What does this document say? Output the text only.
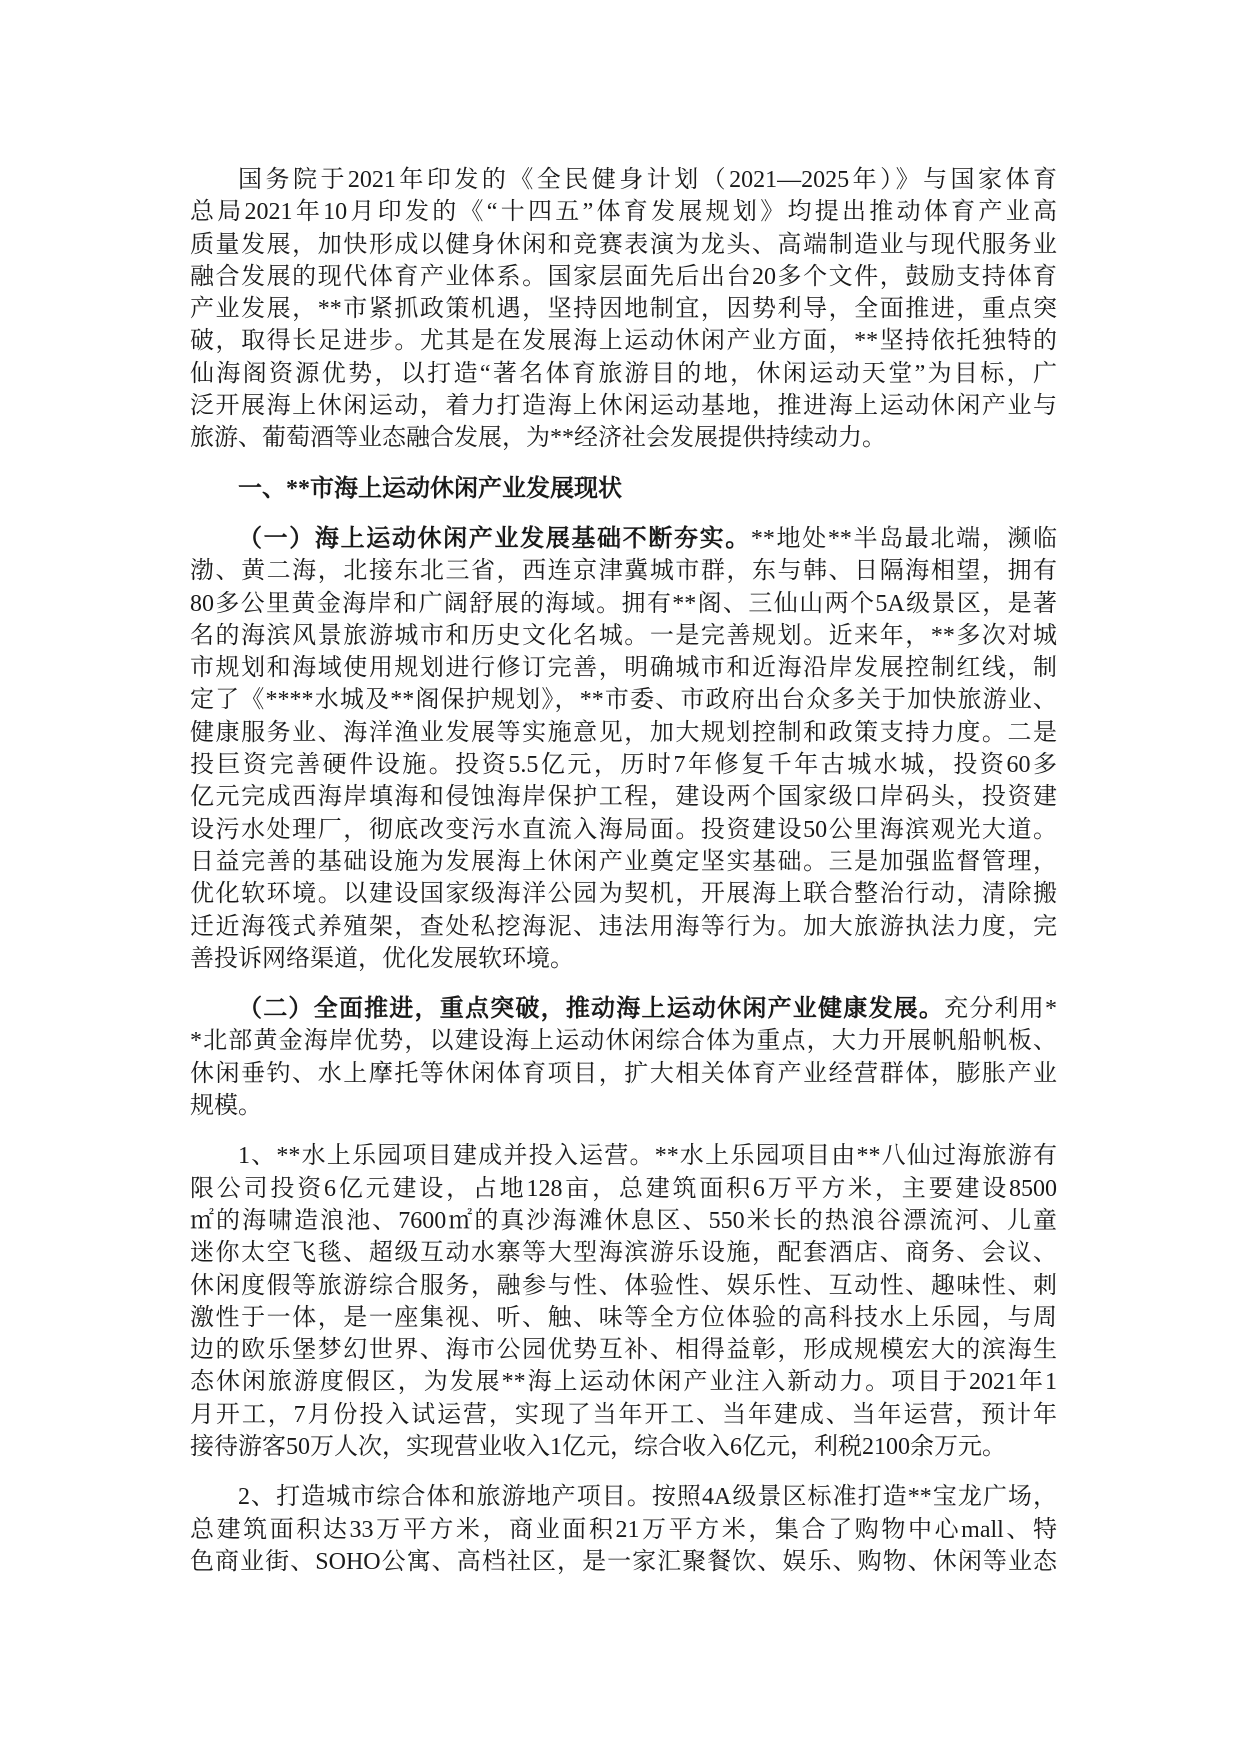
国务院于2021年印发的《全民健身计划（2021—2025年）》与国家体育
总局2021年10月印发的《“十四五”体育发展规划》均提出推动体育产业高
质量发展，加快形成以健身休闲和竞赛表演为龙头、高端制造业与现代服务业
融合发展的现代体育产业体系。国家层面先后出台20多个文件，鼓励支持体育
产业发展，**市紧抓政策机遇，坚持因地制宜，因势利导，全面推进，重点突
破，取得长足进步。尤其是在发展海上运动休闲产业方面，**坚持依托独特的
仙海阁资源优势，以打造“著名体育旅游目的地，休闲运动天堂”为目标，广
泛开展海上休闲运动，着力打造海上休闲运动基地，推进海上运动休闲产业与
旅游、葡萄酒等业态融合发展，为**经济社会发展提供持续动力。
一、**市海上运动休闲产业发展现状
（一）海上运动休闲产业发展基础不断夯实。**地处**半岛最北端，濒临
渤、黄二海，北接东北三省，西连京津冀城市群，东与韩、日隔海相望，拥有
80多公里黄金海岸和广阔舒展的海域。拥有**阁、三仙山两个5A级景区，是著
名的海滨风景旅游城市和历史文化名城。一是完善规划。近来年，**多次对城
市规划和海域使用规划进行修订完善，明确城市和近海沿岸发展控制红线，制
定了《****水城及**阁保护规划》，**市委、市政府出台众多关于加快旅游业、
健康服务业、海洋渔业发展等实施意见，加大规划控制和政策支持力度。二是
投巨资完善硬件设施。投资5.5亿元，历时7年修复千年古城水城，投资60多
亿元完成西海岸填海和侵蚀海岸保护工程，建设两个国家级口岸码头，投资建
设污水处理厂，彻底改变污水直流入海局面。投资建设50公里海滨观光大道。
日益完善的基础设施为发展海上休闲产业奠定坚实基础。三是加强监督管理，
优化软环境。以建设国家级海洋公园为契机，开展海上联合整治行动，清除搬
迁近海筏式养殖架，查处私挖海泥、违法用海等行为。加大旅游执法力度，完
善投诉网络渠道，优化发展软环境。
（二）全面推进，重点突破，推动海上运动休闲产业健康发展。充分利用*
*北部黄金海岸优势，以建设海上运动休闲综合体为重点，大力开展帆船帆板、
休闲垂钓、水上摩托等休闲体育项目，扩大相关体育产业经营群体，膨胀产业
规模。
1、**水上乐园项目建成并投入运营。**水上乐园项目由**八仙过海旅游有
限公司投资6亿元建设，占地128亩，总建筑面积6万平方米，主要建设8500
㎡的海啸造浪池、7600㎡的真沙海滩休息区、550米长的热浪谷漂流河、儿童
迷你太空飞毯、超级互动水寨等大型海滨游乐设施，配套酒店、商务、会议、
休闲度假等旅游综合服务，融参与性、体验性、娱乐性、互动性、趣味性、刺
激性于一体，是一座集视、听、触、味等全方位体验的高科技水上乐园，与周
边的欧乐堡梦幻世界、海市公园优势互补、相得益彰，形成规模宏大的滨海生
态休闲旅游度假区，为发展**海上运动休闲产业注入新动力。项目于2021年1
月开工，7月份投入试运营，实现了当年开工、当年建成、当年运营，预计年
接待游客50万人次，实现营业收入1亿元，综合收入6亿元，利税2100余万元。
2、打造城市综合体和旅游地产项目。按照4A级景区标准打造**宝龙广场，
总建筑面积达33万平方米，商业面积21万平方米，集合了购物中心mall、特
色商业街、SOHO公寓、高档社区，是一家汇聚餐饮、娱乐、购物、休闲等业态
